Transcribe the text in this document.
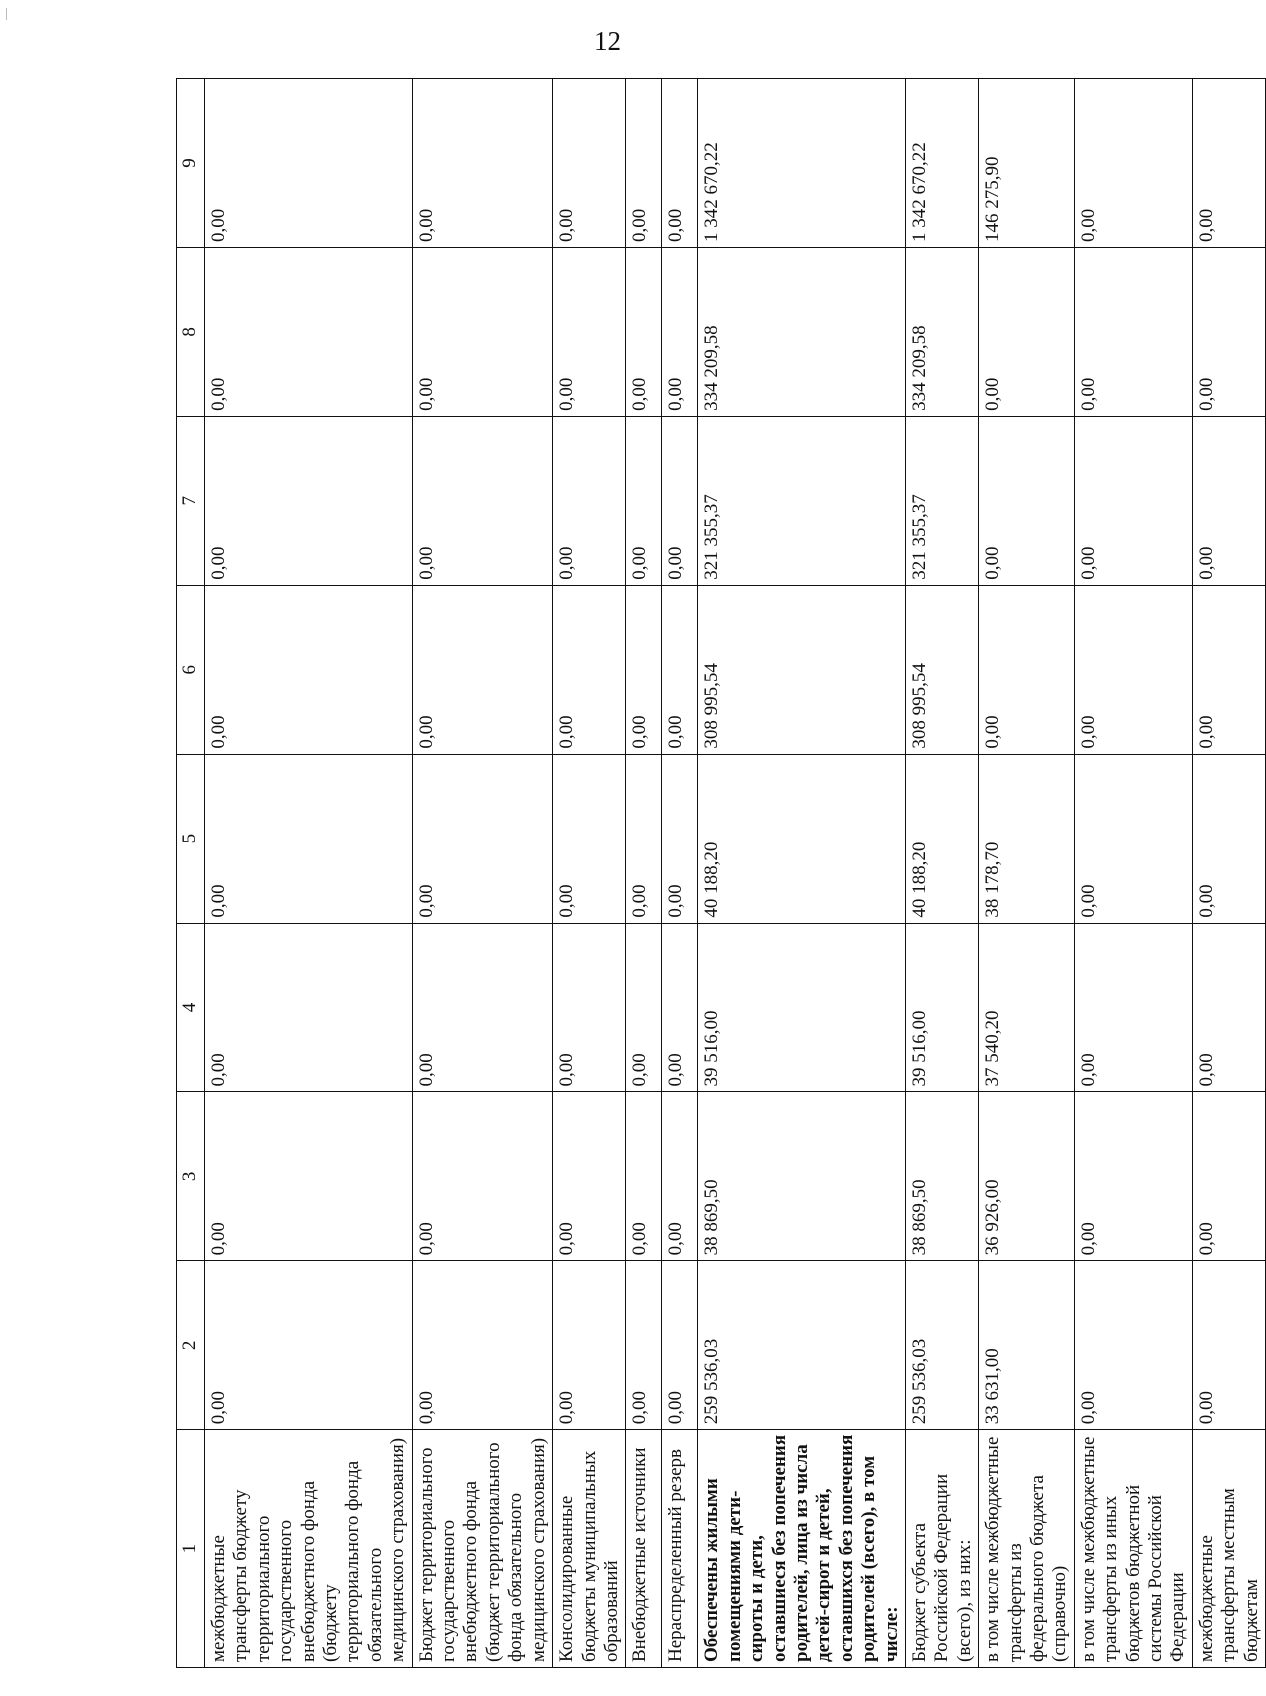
12
1	2	3	4	5	6	7	8	9
межбюджетные трансферты бюджету территориального государственного внебюджетного фонда (бюджету территориального фонда обязательного медицинского страхования)	0,00	0,00	0,00	0,00	0,00	0,00	0,00	0,00
Бюджет территориального государственного внебюджетного фонда (бюджет территориального фонда обязательного медицинского страхования)	0,00	0,00	0,00	0,00	0,00	0,00	0,00	0,00
Консолидированные бюджеты муниципальных образований	0,00	0,00	0,00	0,00	0,00	0,00	0,00	0,00
Внебюджетные источники	0,00	0,00	0,00	0,00	0,00	0,00	0,00	0,00
Нераспределенный резерв	0,00	0,00	0,00	0,00	0,00	0,00	0,00	0,00
Обеспечены жилыми помещениями дети-сироты и дети, оставшиеся без попечения родителей, лица из числа детей-сирот и детей, оставшихся без попечения родителей (всего), в том числе:	259 536,03	38 869,50	39 516,00	40 188,20	308 995,54	321 355,37	334 209,58	1 342 670,22
Бюджет субъекта Российской Федерации (всего), из них:	259 536,03	38 869,50	39 516,00	40 188,20	308 995,54	321 355,37	334 209,58	1 342 670,22
в том числе межбюджетные трансферты из федерального бюджета (справочно)	33 631,00	36 926,00	37 540,20	38 178,70	0,00	0,00	0,00	146 275,90
в том числе межбюджетные трансферты из иных бюджетов бюджетной системы Российской Федерации	0,00	0,00	0,00	0,00	0,00	0,00	0,00	0,00
межбюджетные трансферты местным бюджетам	0,00	0,00	0,00	0,00	0,00	0,00	0,00	0,00
